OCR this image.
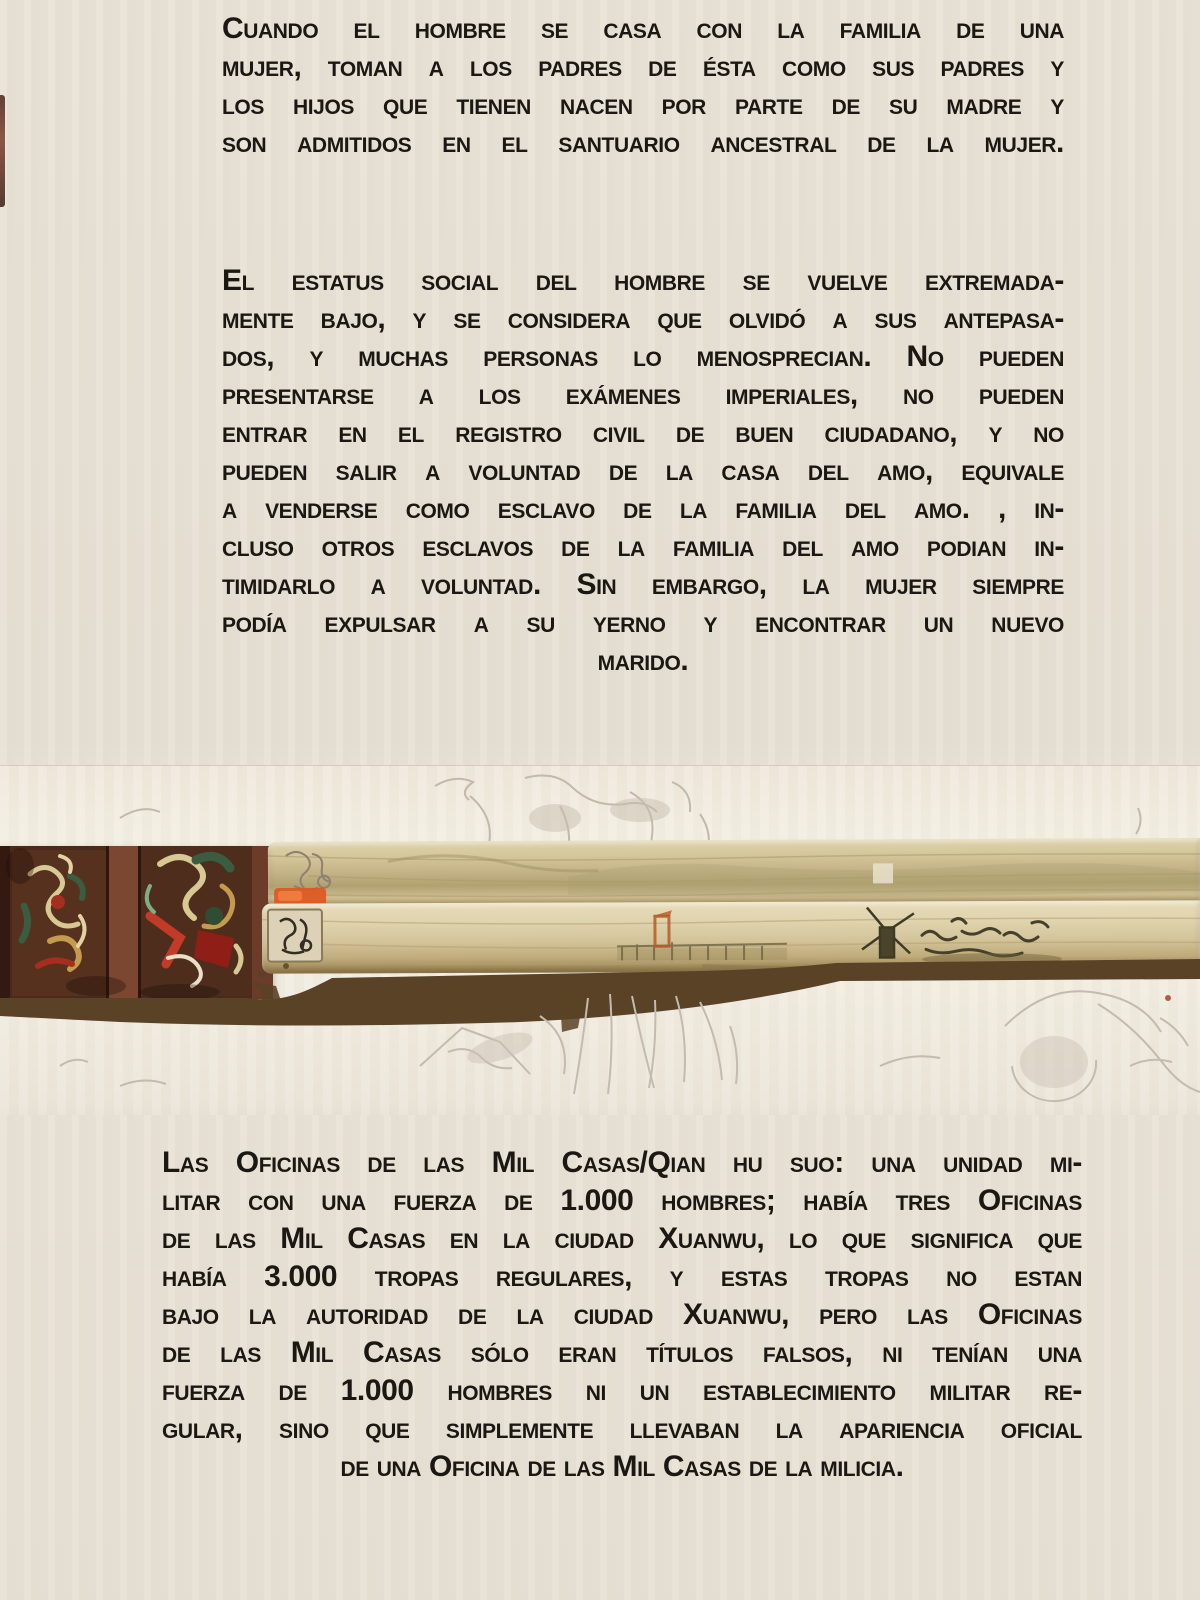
Cuando el hombre se casa con la familia de una
mujer, toman a los padres de ésta como sus padres y
los hijos que tienen nacen por parte de su madre y
son admitidos en el santuario ancestral de la mujer.
El estatus social del hombre se vuelve extremada-
mente bajo, y se considera que olvidó a sus antepasa-
dos, y muchas personas lo menosprecian. No pueden
presentarse a los exámenes imperiales, no pueden
entrar en el registro civil de buen ciudadano, y no
pueden salir a voluntad de la casa del amo, equivale
a venderse como esclavo de la familia del amo. , in-
cluso otros esclavos de la familia del amo podian in-
timidarlo a voluntad. Sin embargo, la mujer siempre
podía expulsar a su yerno y encontrar un nuevo
marido.
Las Oficinas de las Mil Casas/Qian hu suo: una unidad mi-
litar con una fuerza de 1.000 hombres; había tres Oficinas
de las Mil Casas en la ciudad Xuanwu, lo que significa que
había 3.000 tropas regulares, y estas tropas no estan
bajo la autoridad de la ciudad Xuanwu, pero las Oficinas
de las Mil Casas sólo eran títulos falsos, ni tenían una
fuerza de 1.000 hombres ni un establecimiento militar re-
gular, sino que simplemente llevaban la apariencia oficial
de una Oficina de las Mil Casas de la milicia.
